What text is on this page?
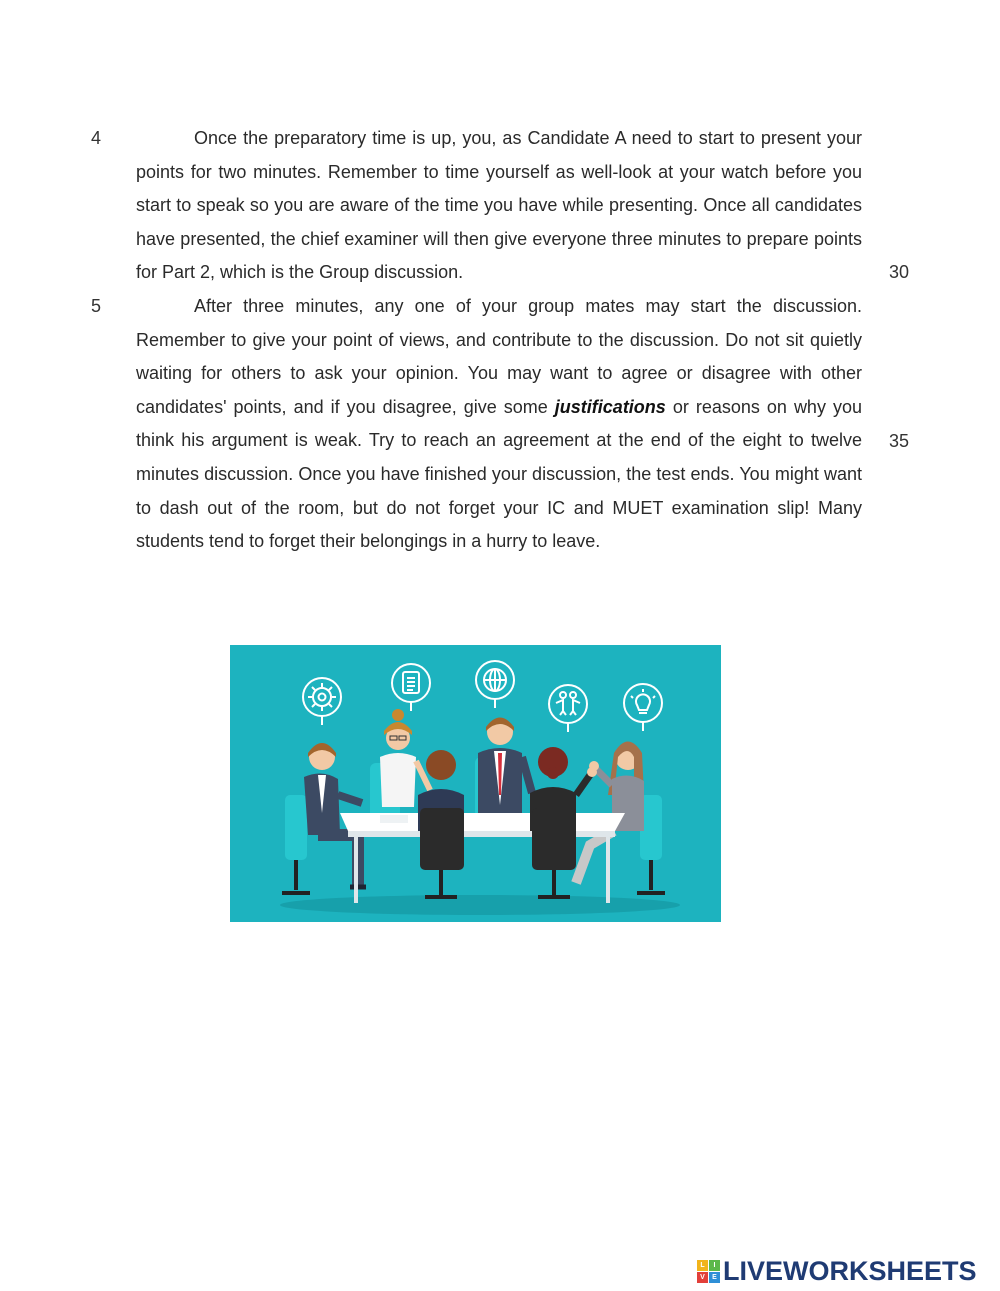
4	Once the preparatory time is up, you, as Candidate A need to start to present your points for two minutes. Remember to time yourself as well-look at your watch before you start to speak so you are aware of the time you have while presenting. Once all candidates have presented, the chief examiner will then give everyone three minutes to prepare points for Part 2, which is the Group discussion.	30
5	After three minutes, any one of your group mates may start the discussion. Remember to give your point of views, and contribute to the discussion. Do not sit quietly waiting for others to ask your opinion. You may want to agree or disagree with other candidates' points, and if you disagree, give some justifications or reasons on why you think his argument is weak. Try to reach an agreement at the end of the eight to twelve minutes discussion. Once you have finished your discussion, the test ends. You might want to dash out of the room, but do not forget your IC and MUET examination slip! Many students tend to forget their belongings in a hurry to leave.

35
L	I
V	E LIVEWORKSHEETS
